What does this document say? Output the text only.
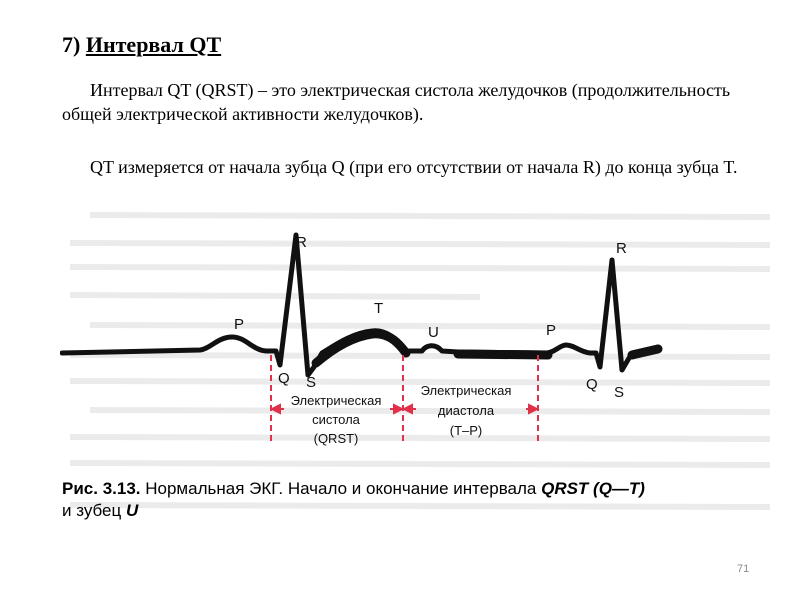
7) Интервал QT
Интервал QT (QRST) – это электрическая систола желудочков (продолжительность общей электрической активности желудочков).
QT измеряется от начала зубца Q (при его отсутствии от начала R) до конца зубца T.
P
Q
R
S
T
U	P
Q
R
S
Электрическая
систола
(QRST)
Электрическая
диастола
(T–P)
Рис. 3.13. Нормальная ЭКГ. Начало и окончание интервала QRST (Q—T)
и зубец U
71
